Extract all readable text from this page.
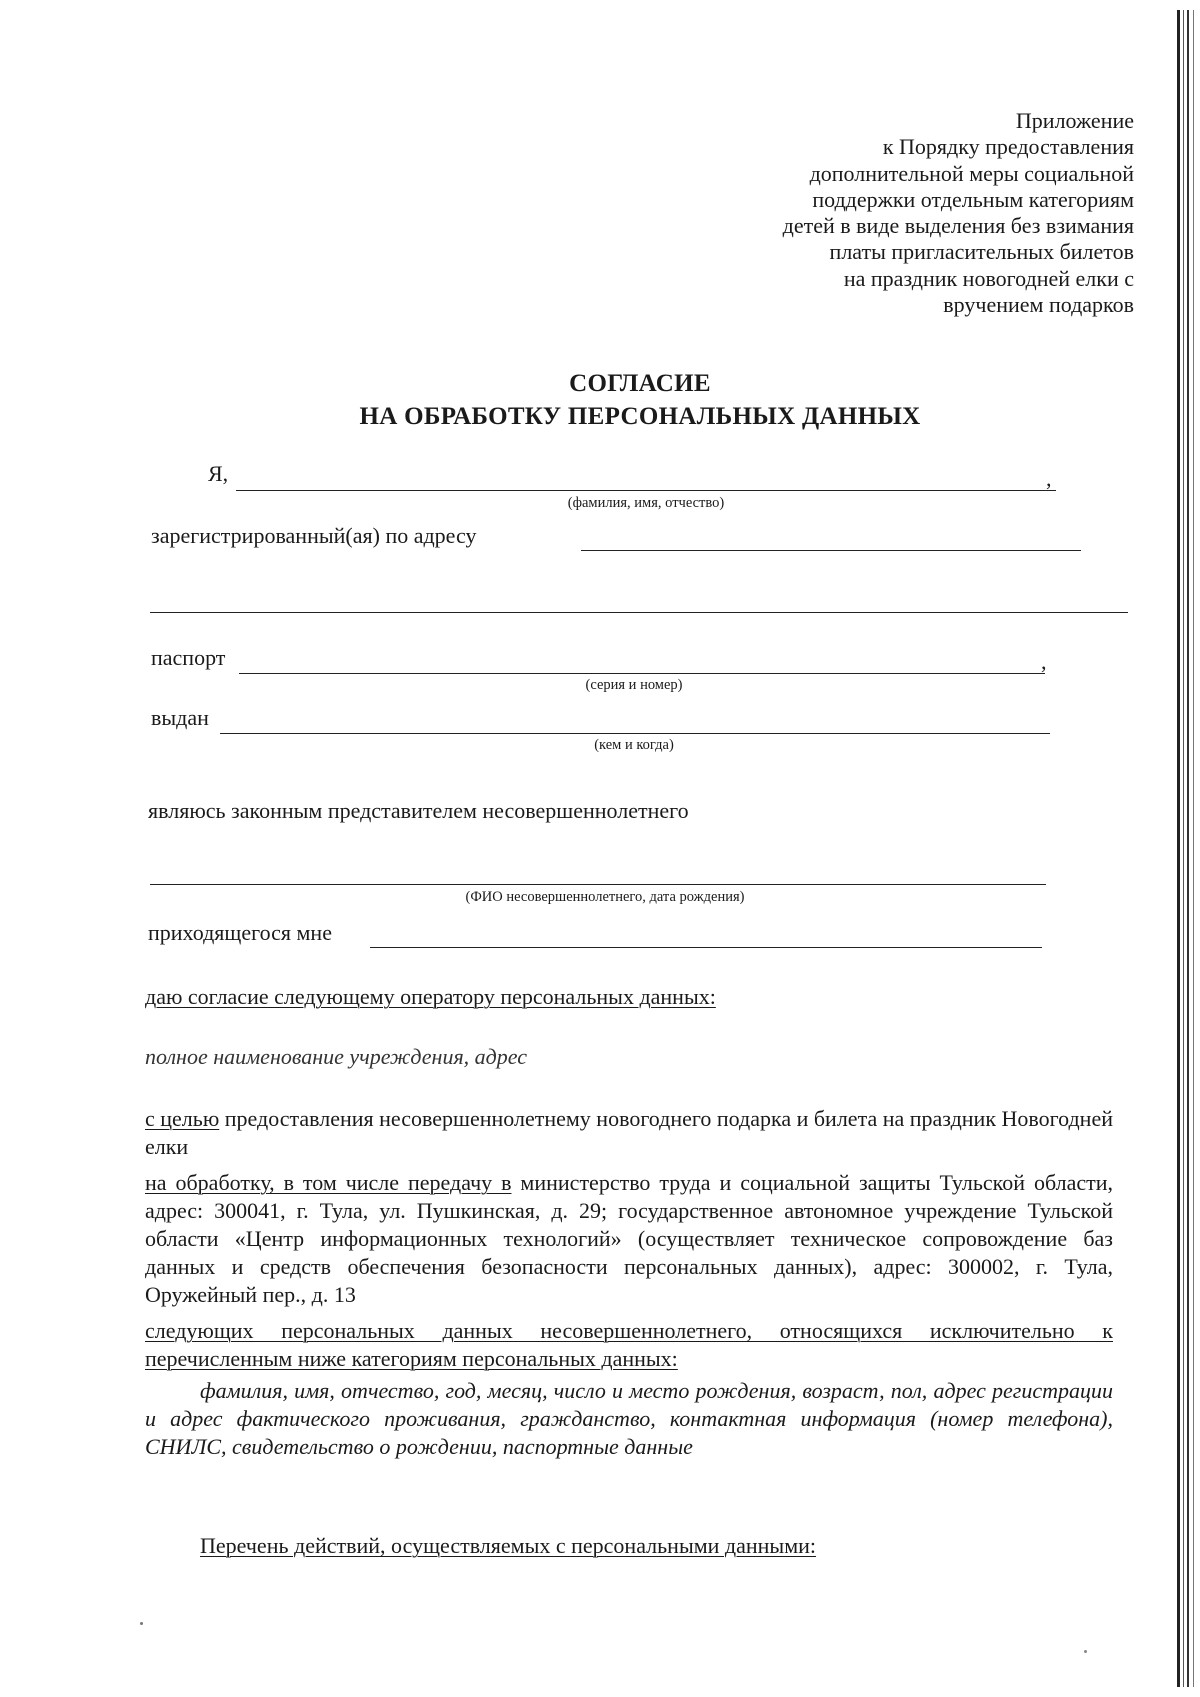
Приложение
к Порядку предоставления
дополнительной меры социальной
поддержки отдельным категориям
детей в виде выделения без взимания
платы пригласительных билетов
на праздник новогодней елки с
вручением подарков
СОГЛАСИЕ
НА ОБРАБОТКУ ПЕРСОНАЛЬНЫХ ДАННЫХ
Я,	,
(фамилия, имя, отчество)
зарегистрированный(ая) по адресу
паспорт	,
(серия и номер)
выдан
(кем и когда)
являюсь законным представителем несовершеннолетнего
(ФИО несовершеннолетнего, дата рождения)
приходящегося мне
даю согласие следующему оператору персональных данных:
полное наименование учреждения, адрес
с целью предоставления несовершеннолетнему новогоднего подарка и билета на праздник Новогодней елки
на обработку, в том числе передачу в министерство труда и социальной защиты Тульской области, адрес: 300041, г. Тула, ул. Пушкинская, д. 29; государственное автономное учреждение Тульской области «Центр информационных технологий» (осуществляет техническое сопровождение баз данных и средств обеспечения безопасности персональных данных), адрес: 300002, г. Тула, Оружейный пер., д. 13
следующих персональных данных несовершеннолетнего, относящихся исключительно к перечисленным ниже категориям персональных данных:
фамилия, имя, отчество, год, месяц, число и место рождения, возраст, пол, адрес регистрации и адрес фактического проживания, гражданство, контактная информация (номер телефона), СНИЛС, свидетельство о рождении, паспортные данные
Перечень действий, осуществляемых с персональными данными:
